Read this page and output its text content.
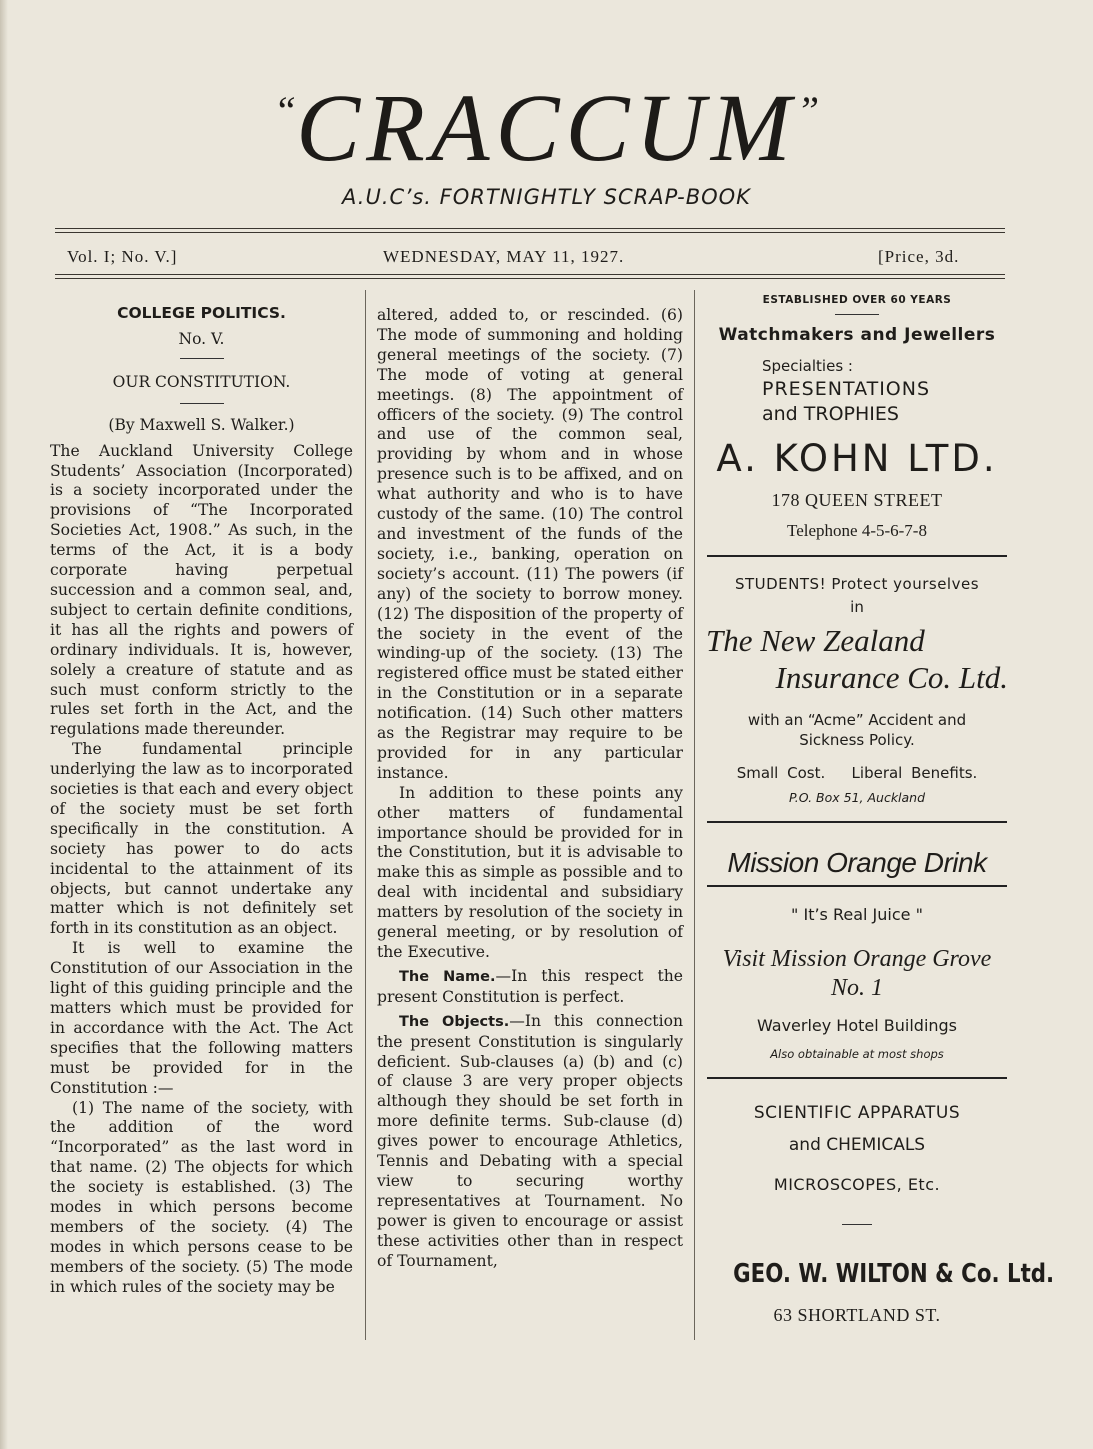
“CRACCUM”
A.U.C’s. FORTNIGHTLY SCRAP-BOOK
Vol. I; No. V.]	WEDNESDAY, MAY 11, 1927.	[Price, 3d.
COLLEGE POLITICS.
No. V.
OUR CONSTITUTION.
(By Maxwell S. Walker.)

The Auckland University College Students’ Association (Incorporated) is a society incorporated under the provisions of “The Incorporated Societies Act, 1908.” As such, in the terms of the Act, it is a body corporate having perpetual succession and a common seal, and, subject to certain definite conditions, it has all the rights and powers of ordinary individuals. It is, however, solely a creature of statute and as such must conform strictly to the rules set forth in the Act, and the regulations made thereunder.

The fundamental principle underlying the law as to incorporated societies is that each and every object of the society must be set forth specifically in the constitution. A society has power to do acts incidental to the attainment of its objects, but cannot undertake any matter which is not definitely set forth in its constitution as an object.

It is well to examine the Constitution of our Association in the light of this guiding principle and the matters which must be provided for in accordance with the Act. The Act specifies that the following matters must be provided for in the Constitution :—

(1) The name of the society, with the addition of the word “Incorporated” as the last word in that name. (2) The objects for which the society is established. (3) The modes in which persons become members of the society. (4) The modes in which persons cease to be members of the society. (5) The mode in which rules of the society may be

altered, added to, or rescinded. (6) The mode of summoning and holding general meetings of the society. (7) The mode of voting at general meetings. (8) The appointment of officers of the society. (9) The control and use of the common seal, providing by whom and in whose presence such is to be affixed, and on what authority and who is to have custody of the same. (10) The control and investment of the funds of the society, i.e., banking, operation on society’s account. (11) The powers (if any) of the society to borrow money. (12) The disposition of the property of the society in the event of the winding-up of the society. (13) The registered office must be stated either in the Constitution or in a separate notification. (14) Such other matters as the Registrar may require to be provided for in any particular instance.

In addition to these points any other matters of fundamental importance should be provided for in the Constitution, but it is advisable to make this as simple as possible and to deal with incidental and subsidiary matters by resolution of the society in general meeting, or by resolution of the Executive.

The Name.—In this respect the present Constitution is perfect.

The Objects.—In this connection the present Constitution is singularly deficient. Sub-clauses (a) (b) and (c) of clause 3 are very proper objects although they should be set forth in more definite terms. Sub-clause (d) gives power to encourage Athletics, Tennis and Debating with a special view to securing worthy representatives at Tournament. No power is given to encourage or assist these activities other than in respect of Tournament,

ESTABLISHED OVER 60 YEARS
Watchmakers and Jewellers
Specialties :
PRESENTATIONS
and TROPHIES
A. KOHN LTD.
178 QUEEN STREET
Telephone 4-5-6-7-8
STUDENTS! Protect yourselves
in
The New Zealand
Insurance Co. Ltd.
with an “Acme” Accident and Sickness Policy.
Small Cost. Liberal Benefits.
P.O. Box 51, Auckland
Mission Orange Drink
" It’s Real Juice "
Visit Mission Orange Grove
No. 1
Waverley Hotel Buildings
Also obtainable at most shops
SCIENTIFIC APPARATUS
and CHEMICALS
MICROSCOPES, Etc.
GEO. W. WILTON & Co. Ltd.
63 SHORTLAND ST.
